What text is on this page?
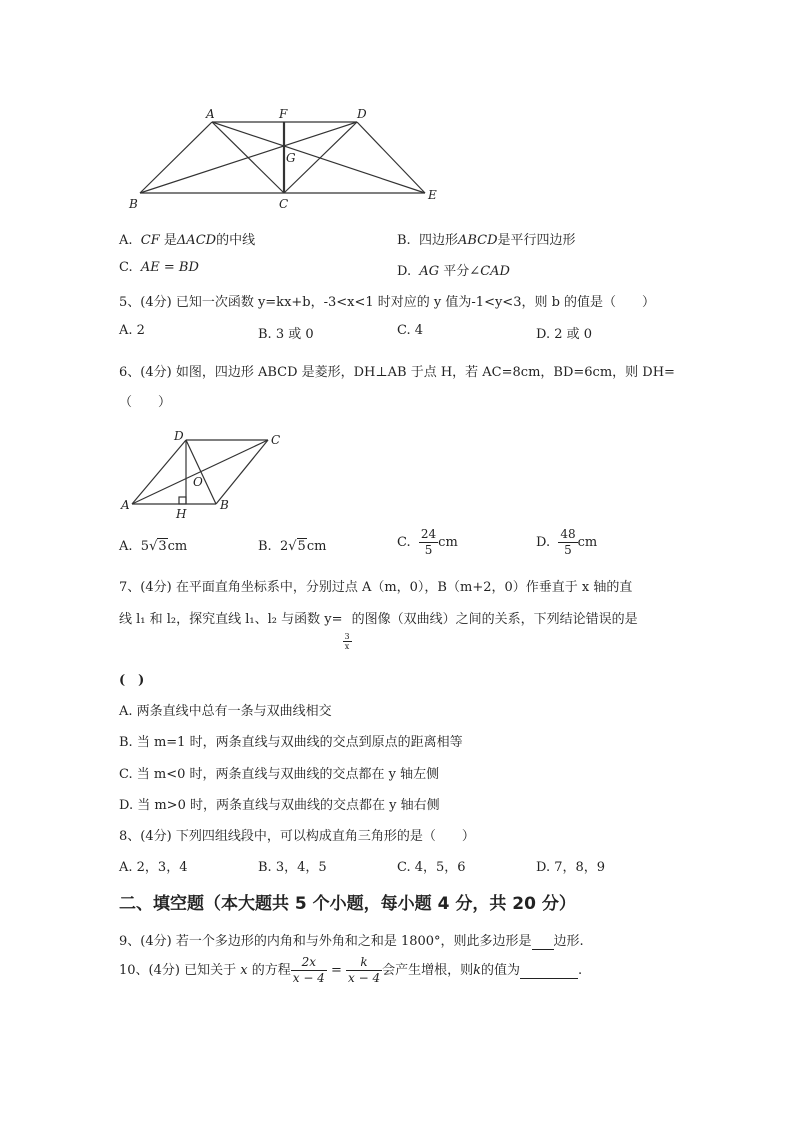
A	F	D
G
B	C
E
A. CF 是ΔACD的中线	B. 四边形ABCD是平行四边形
C. AE = BD	D. AG 平分∠CAD
5、(4分) 已知一次函数 y=kx+b，-3<x<1 时对应的 y 值为-1<y<3，则 b 的值是（　　）
A. 2	B. 3 或 0	C. 4	D. 2 或 0
6、(4分) 如图，四边形 ABCD 是菱形，DH⊥AB 于点 H，若 AC=8cm，BD=6cm，则 DH=
（　　）
D	C
O
A
H
B
A. 5√3cm	B. 2√5cm	C. $\frac{24}{5}$ cm	D. $\frac{48}{5}$ cm
7、(4分) 在平面直角坐标系中，分别过点 A（m，0），B（m+2，0）作垂直于 x 轴的直
线 l₁ 和 l₂，探究直线 l₁、l₂ 与函数 y=
$\frac{3}{x}$
的图像（双曲线）之间的关系，下列结论错误的是
(　)
A. 两条直线中总有一条与双曲线相交
B. 当 m=1 时，两条直线与双曲线的交点到原点的距离相等
C. 当 m<0 时，两条直线与双曲线的交点都在 y 轴左侧
D. 当 m>0 时，两条直线与双曲线的交点都在 y 轴右侧
8、(4分) 下列四组线段中，可以构成直角三角形的是（　　）
A. 2，3，4	B. 3，4，5	C. 4，5，6	D. 7，8，9
二、填空题（本大题共 5 个小题，每小题 4 分，共 20 分）
9、(4分) 若一个多边形的内角和与外角和之和是 1800°，则此多边形是 边形.
10、(4分) 已知关于 x 的方程 $\frac{2x}{x - 4} = \frac{k}{x - 4}$ 会产生增根，则k的值为	.
